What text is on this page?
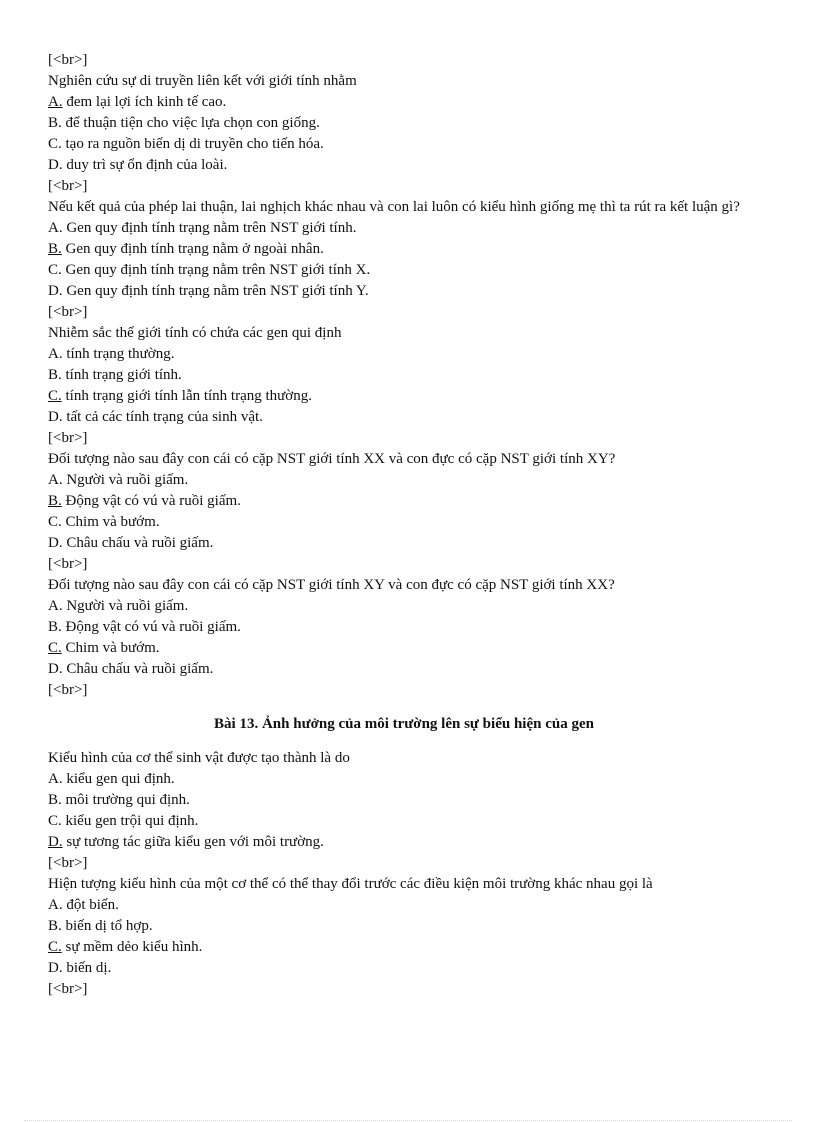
[<br>]
Nghiên cứu sự di truyền liên kết với giới tính nhằm
A. đem lại lợi ích kinh tế cao.
B. để thuận tiện cho việc lựa chọn con giống.
C. tạo ra nguồn biến dị di truyền cho tiến hóa.
D. duy trì sự ổn định của loài.
[<br>]
Nếu kết quả của phép lai thuận, lai nghịch khác nhau và con lai luôn có kiểu hình giống mẹ thì ta rút ra kết luận gì?
A. Gen quy định tính trạng nằm trên NST giới tính.
B. Gen quy định tính trạng nằm ở ngoài nhân.
C. Gen quy định tính trạng nằm trên NST giới tính X.
D. Gen quy định tính trạng nằm trên NST giới tính Y.
[<br>]
Nhiễm sắc thể giới tính có chứa các gen qui định
A. tính trạng thường.
B. tính trạng giới tính.
C. tính trạng giới tính lẫn tính trạng thường.
D. tất cả các tính trạng của sinh vật.
[<br>]
Đối tượng nào sau đây con cái có cặp NST giới tính XX và con đực có cặp NST giới tính XY?
A. Người và ruồi giấm.
B. Động vật có vú và ruồi giấm.
C. Chim và bướm.
D. Châu chấu và ruồi giấm.
[<br>]
Đối tượng nào sau đây con cái có cặp NST giới tính XY và con đực có cặp NST giới tính XX?
A. Người và ruồi giấm.
B. Động vật có vú và ruồi giấm.
C. Chim và bướm.
D. Châu chấu và ruồi giấm.
[<br>]
Bài 13. Ảnh hưởng của môi trường lên sự biểu hiện của gen
Kiểu hình của cơ thể sinh vật được tạo thành là do
A. kiểu gen qui định.
B. môi trường qui định.
C. kiểu gen trội qui định.
D. sự tương tác giữa kiểu gen với môi trường.
[<br>]
Hiện tượng kiểu hình của một cơ thể có thể thay đổi trước các điều kiện môi trường khác nhau gọi là
A. đột biến.
B. biến dị tổ hợp.
C. sự mềm dẻo kiểu hình.
D. biến dị.
[<br>]
